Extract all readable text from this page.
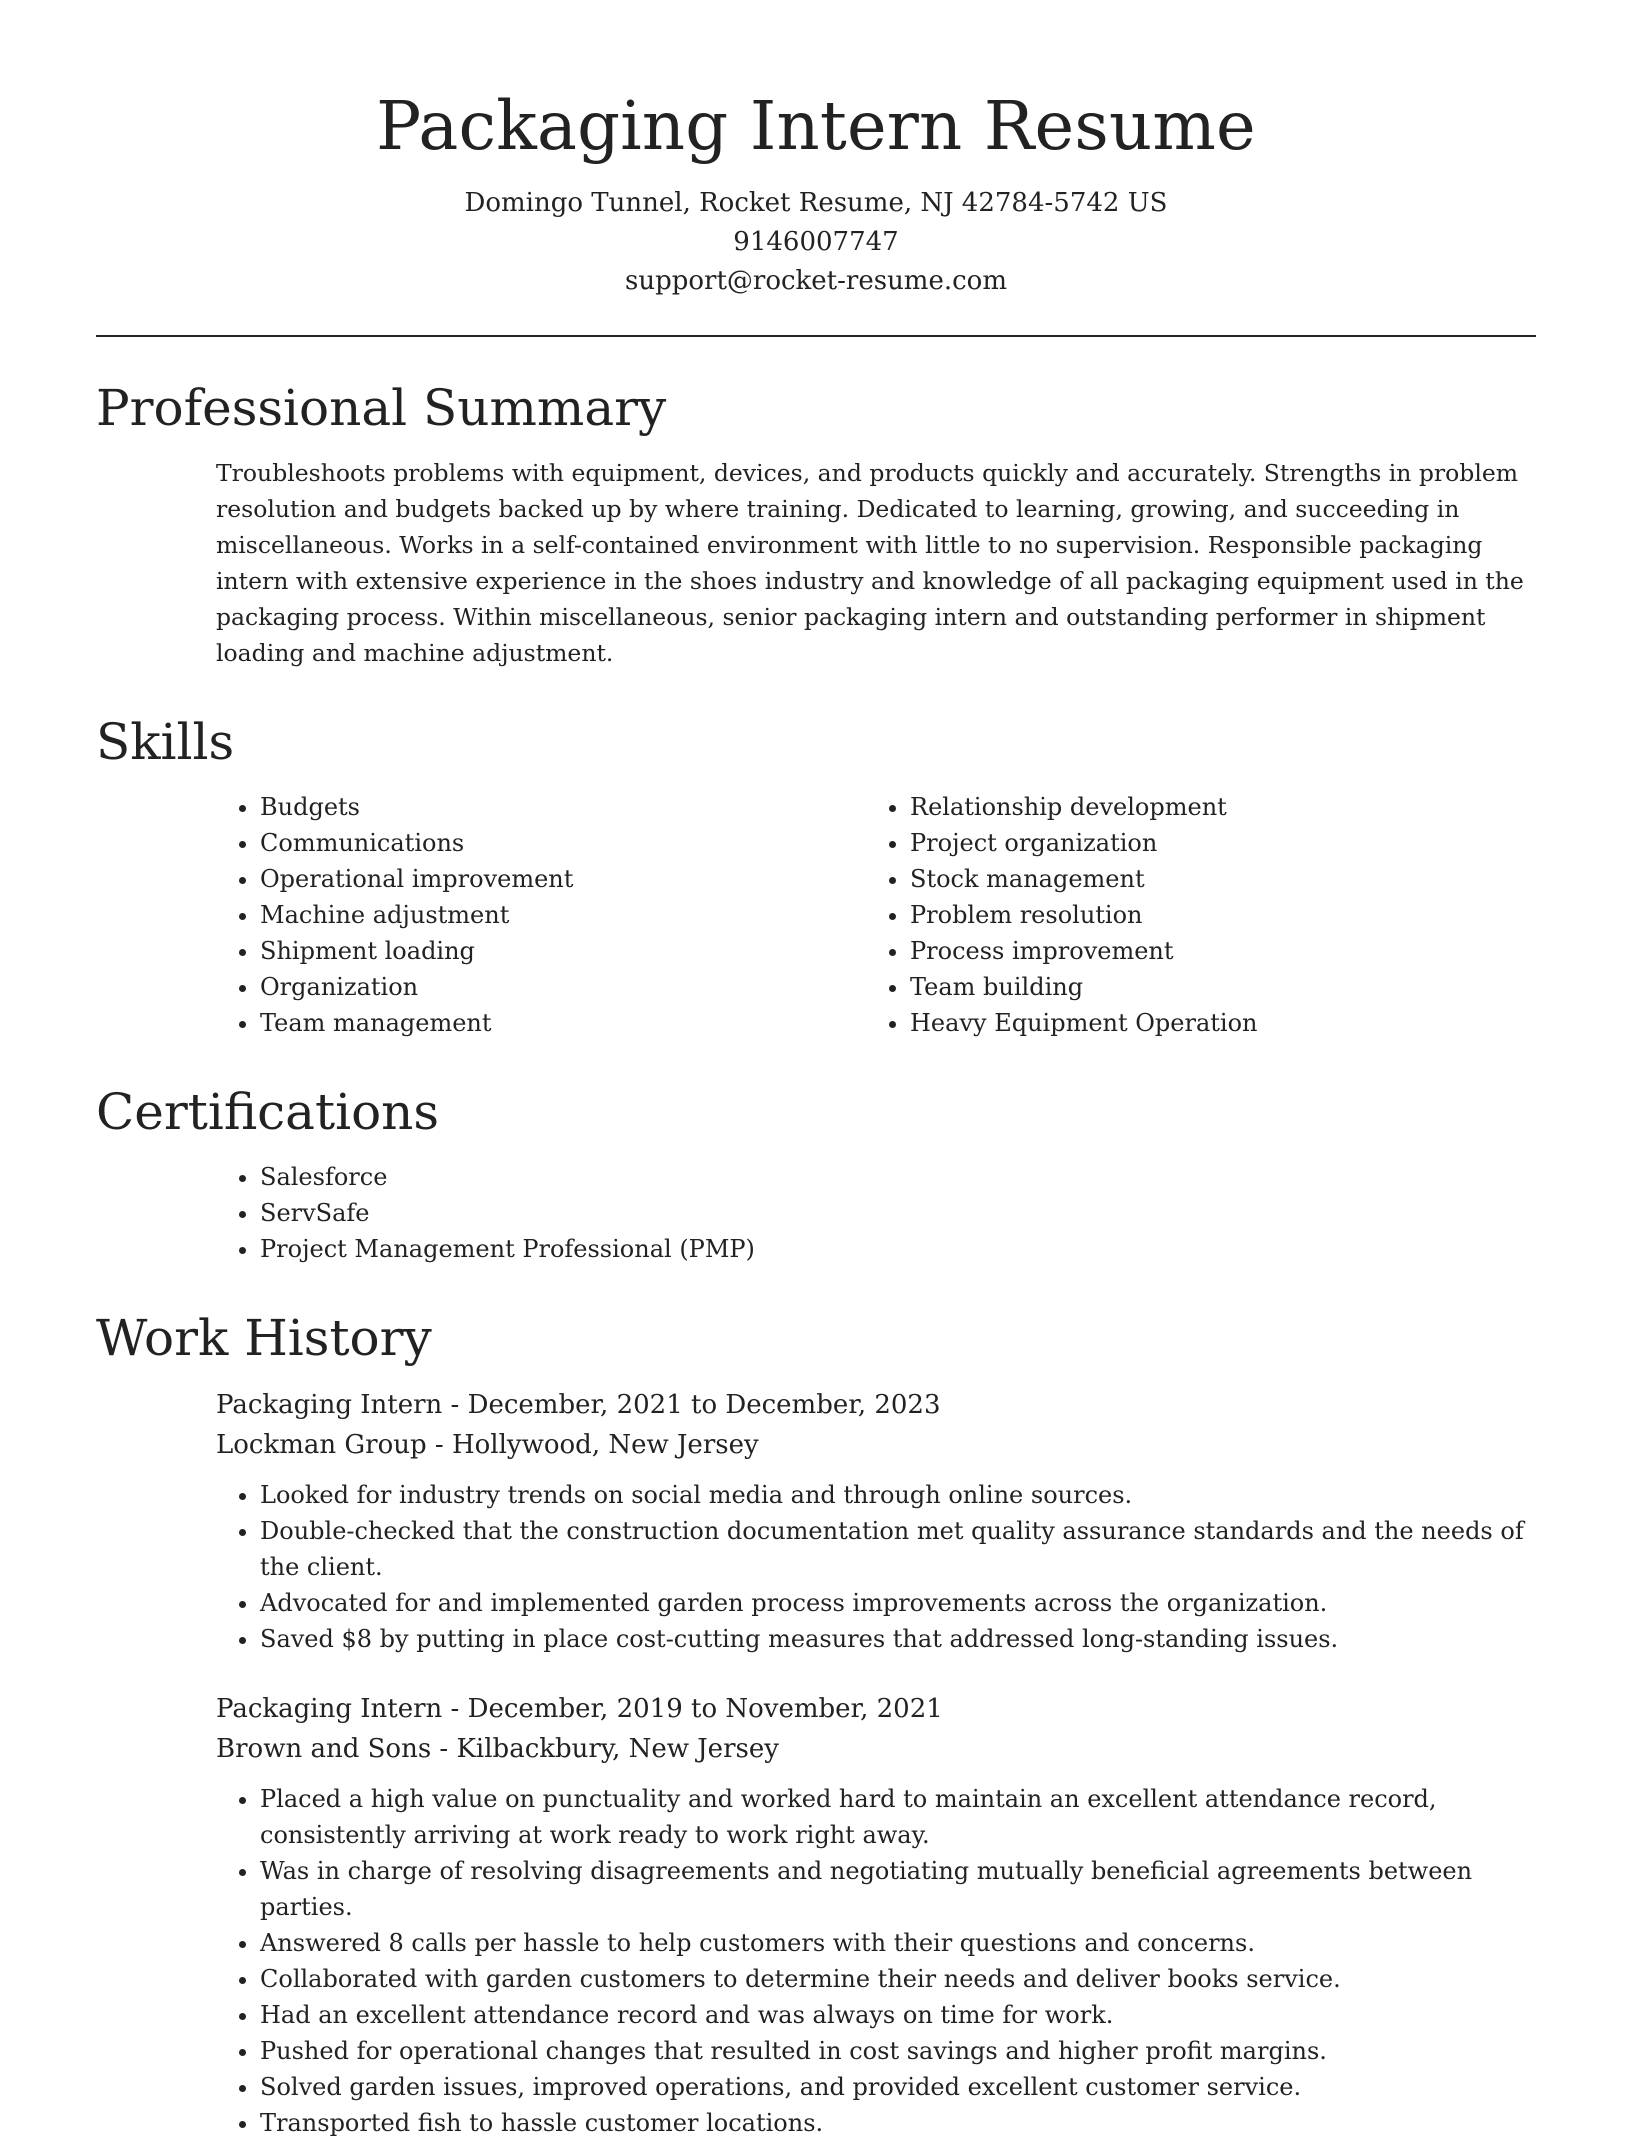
Packaging Intern Resume

Domingo Tunnel, Rocket Resume, NJ 42784-5742 US

9146007747

support@rocket-resume.com

Professional Summary

Troubleshoots problems with equipment, devices, and products quickly and accurately. Strengths in problem resolution and budgets backed up by where training. Dedicated to learning, growing, and succeeding in miscellaneous. Works in a self-contained environment with little to no supervision. Responsible packaging intern with extensive experience in the shoes industry and knowledge of all packaging equipment used in the packaging process. Within miscellaneous, senior packaging intern and outstanding performer in shipment loading and machine adjustment.

Skills
• Budgets
• Communications
• Operational improvement
• Machine adjustment
• Shipment loading
• Organization
• Team management
• Relationship development
• Project organization
• Stock management
• Problem resolution
• Process improvement
• Team building
• Heavy Equipment Operation
Certifications
• Salesforce
• ServSafe
• Project Management Professional (PMP)
Work History

Packaging Intern - December, 2021 to December, 2023

Lockman Group - Hollywood, New Jersey

• Looked for industry trends on social media and through online sources.
• Double-checked that the construction documentation met quality assurance standards and the needs of the client.
• Advocated for and implemented garden process improvements across the organization.
• Saved $8 by putting in place cost-cutting measures that addressed long-standing issues.

Packaging Intern - December, 2019 to November, 2021

Brown and Sons - Kilbackbury, New Jersey

• Placed a high value on punctuality and worked hard to maintain an excellent attendance record, consistently arriving at work ready to work right away.
• Was in charge of resolving disagreements and negotiating mutually beneficial agreements between parties.
• Answered 8 calls per hassle to help customers with their questions and concerns.
• Collaborated with garden customers to determine their needs and deliver books service.
• Had an excellent attendance record and was always on time for work.
• Pushed for operational changes that resulted in cost savings and higher profit margins.
• Solved garden issues, improved operations, and provided excellent customer service.
• Transported fish to hassle customer locations.
